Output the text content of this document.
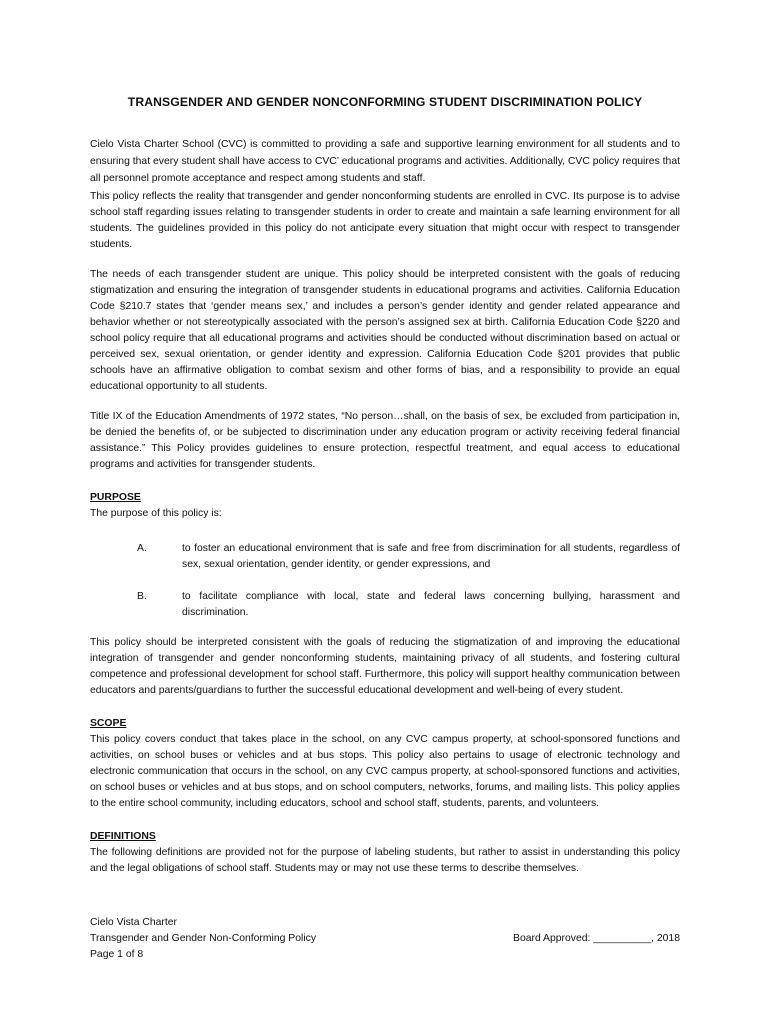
TRANSGENDER AND GENDER NONCONFORMING STUDENT DISCRIMINATION POLICY

Cielo Vista Charter School (CVC) is committed to providing a safe and supportive learning environment for all students and to ensuring that every student shall have access to CVC’ educational programs and activities. Additionally, CVC policy requires that all personnel promote acceptance and respect among students and staff.

This policy reflects the reality that transgender and gender nonconforming students are enrolled in CVC. Its purpose is to advise school staff regarding issues relating to transgender students in order to create and maintain a safe learning environment for all students. The guidelines provided in this policy do not anticipate every situation that might occur with respect to transgender students.

The needs of each transgender student are unique. This policy should be interpreted consistent with the goals of reducing stigmatization and ensuring the integration of transgender students in educational programs and activities. California Education Code §210.7 states that ‘gender means sex,’ and includes a person’s gender identity and gender related appearance and behavior whether or not stereotypically associated with the person’s assigned sex at birth. California Education Code §220 and school policy require that all educational programs and activities should be conducted without discrimination based on actual or perceived sex, sexual orientation, or gender identity and expression. California Education Code §201 provides that public schools have an affirmative obligation to combat sexism and other forms of bias, and a responsibility to provide an equal educational opportunity to all students.

Title IX of the Education Amendments of 1972 states, “No person…shall, on the basis of sex, be excluded from participation in, be denied the benefits of, or be subjected to discrimination under any education program or activity receiving federal financial assistance.” This Policy provides guidelines to ensure protection, respectful treatment, and equal access to educational programs and activities for transgender students.

PURPOSE

The purpose of this policy is:

A.	to foster an educational environment that is safe and free from discrimination for all students, regardless of sex, sexual orientation, gender identity, or gender expressions, and
B.	to facilitate compliance with local, state and federal laws concerning bullying, harassment and discrimination.

This policy should be interpreted consistent with the goals of reducing the stigmatization of and improving the educational integration of transgender and gender nonconforming students, maintaining privacy of all students, and fostering cultural competence and professional development for school staff. Furthermore, this policy will support healthy communication between educators and parents/guardians to further the successful educational development and well-being of every student.

SCOPE

This policy covers conduct that takes place in the school, on any CVC campus property, at school-sponsored functions and activities, on school buses or vehicles and at bus stops. This policy also pertains to usage of electronic technology and electronic communication that occurs in the school, on any CVC campus property, at school-sponsored functions and activities, on school buses or vehicles and at bus stops, and on school computers, networks, forums, and mailing lists. This policy applies to the entire school community, including educators, school and school staff, students, parents, and volunteers.

DEFINITIONS

The following definitions are provided not for the purpose of labeling students, but rather to assist in understanding this policy and the legal obligations of school staff. Students may or may not use these terms to describe themselves.

Cielo Vista Charter
Transgender and Gender Non-Conforming Policy	Board Approved: __________, 2018
Page 1 of 8
